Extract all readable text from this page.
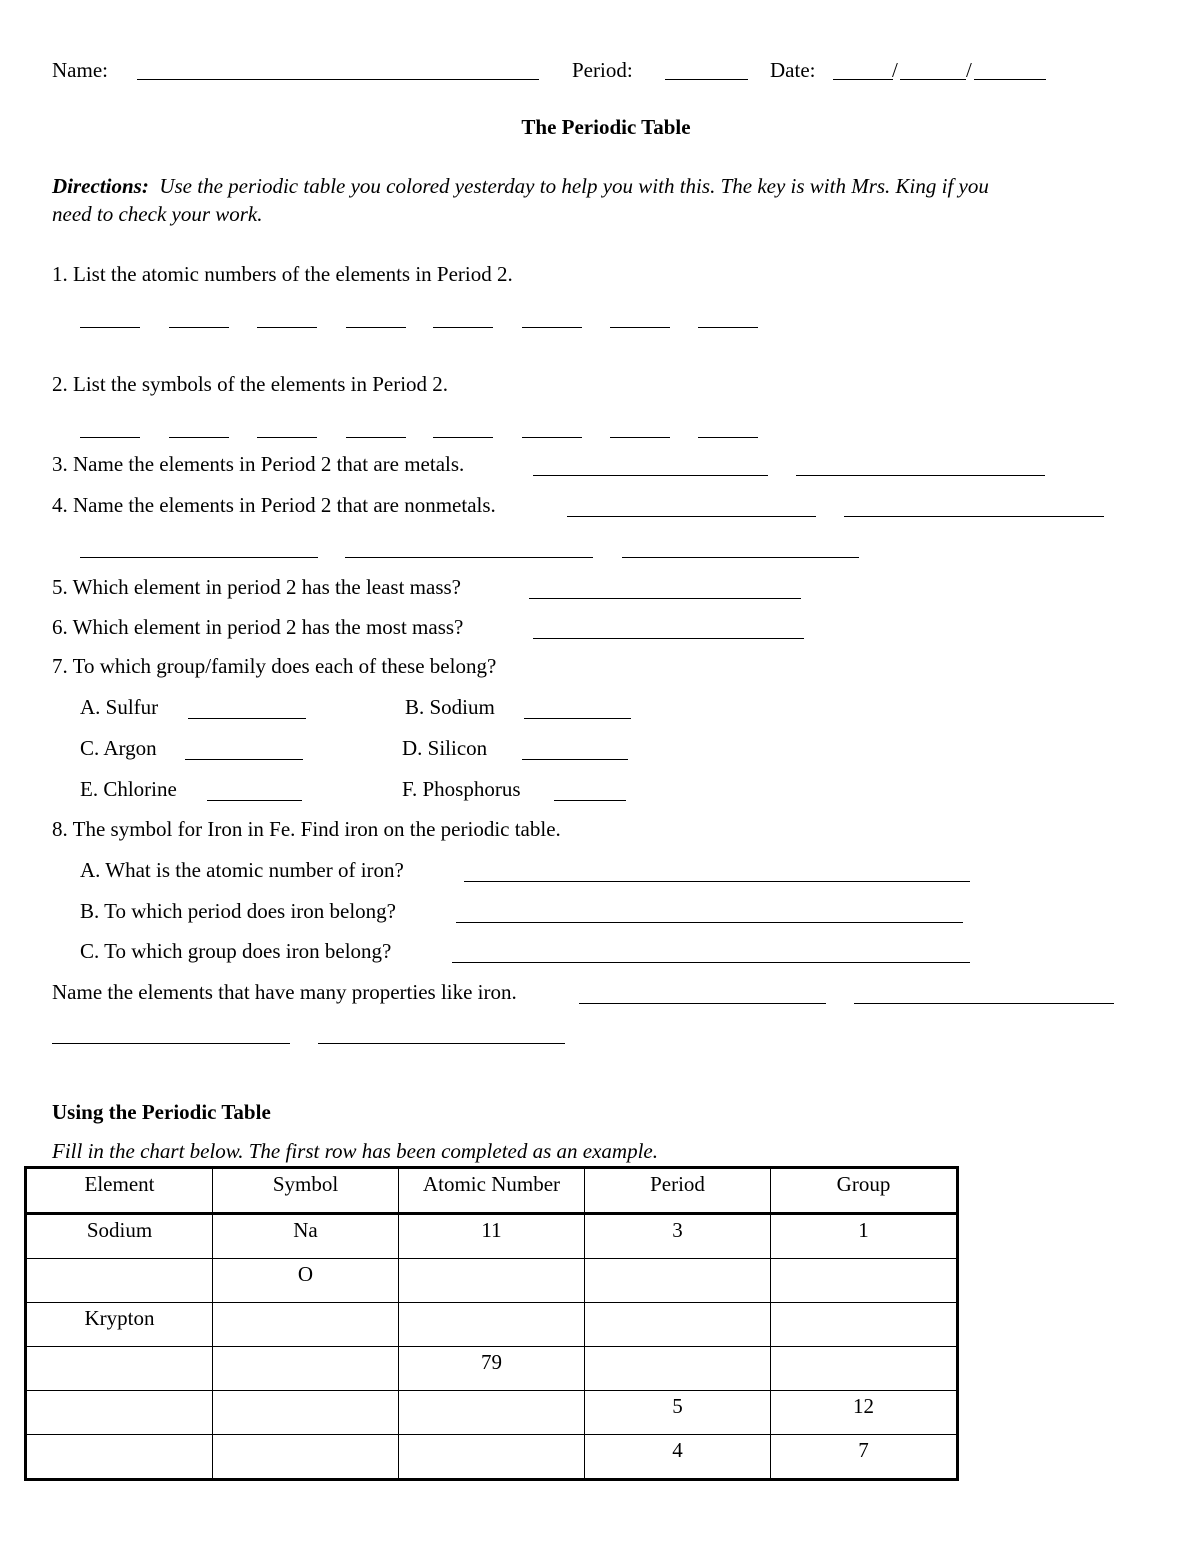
Name:	Period:	Date:	/	/
The Periodic Table
Directions: Use the periodic table you colored yesterday to help you with this. The key is with Mrs. King if you
need to check your work.
1. List the atomic numbers of the elements in Period 2.
2. List the symbols of the elements in Period 2.
3. Name the elements in Period 2 that are metals.
4. Name the elements in Period 2 that are nonmetals.
5. Which element in period 2 has the least mass?
6. Which element in period 2 has the most mass?
7. To which group/family does each of these belong?
A. Sulfur	B. Sodium
C. Argon	D. Silicon
E. Chlorine	F. Phosphorus
8. The symbol for Iron in Fe. Find iron on the periodic table.
A. What is the atomic number of iron?
B. To which period does iron belong?
C. To which group does iron belong?
Name the elements that have many properties like iron.
Using the Periodic Table
Fill in the chart below. The first row has been completed as an example.
Element	Symbol	Atomic Number	Period	Group
Sodium	Na	11	3	1
	O			
Krypton				
		79		
			5	12
			4	7
